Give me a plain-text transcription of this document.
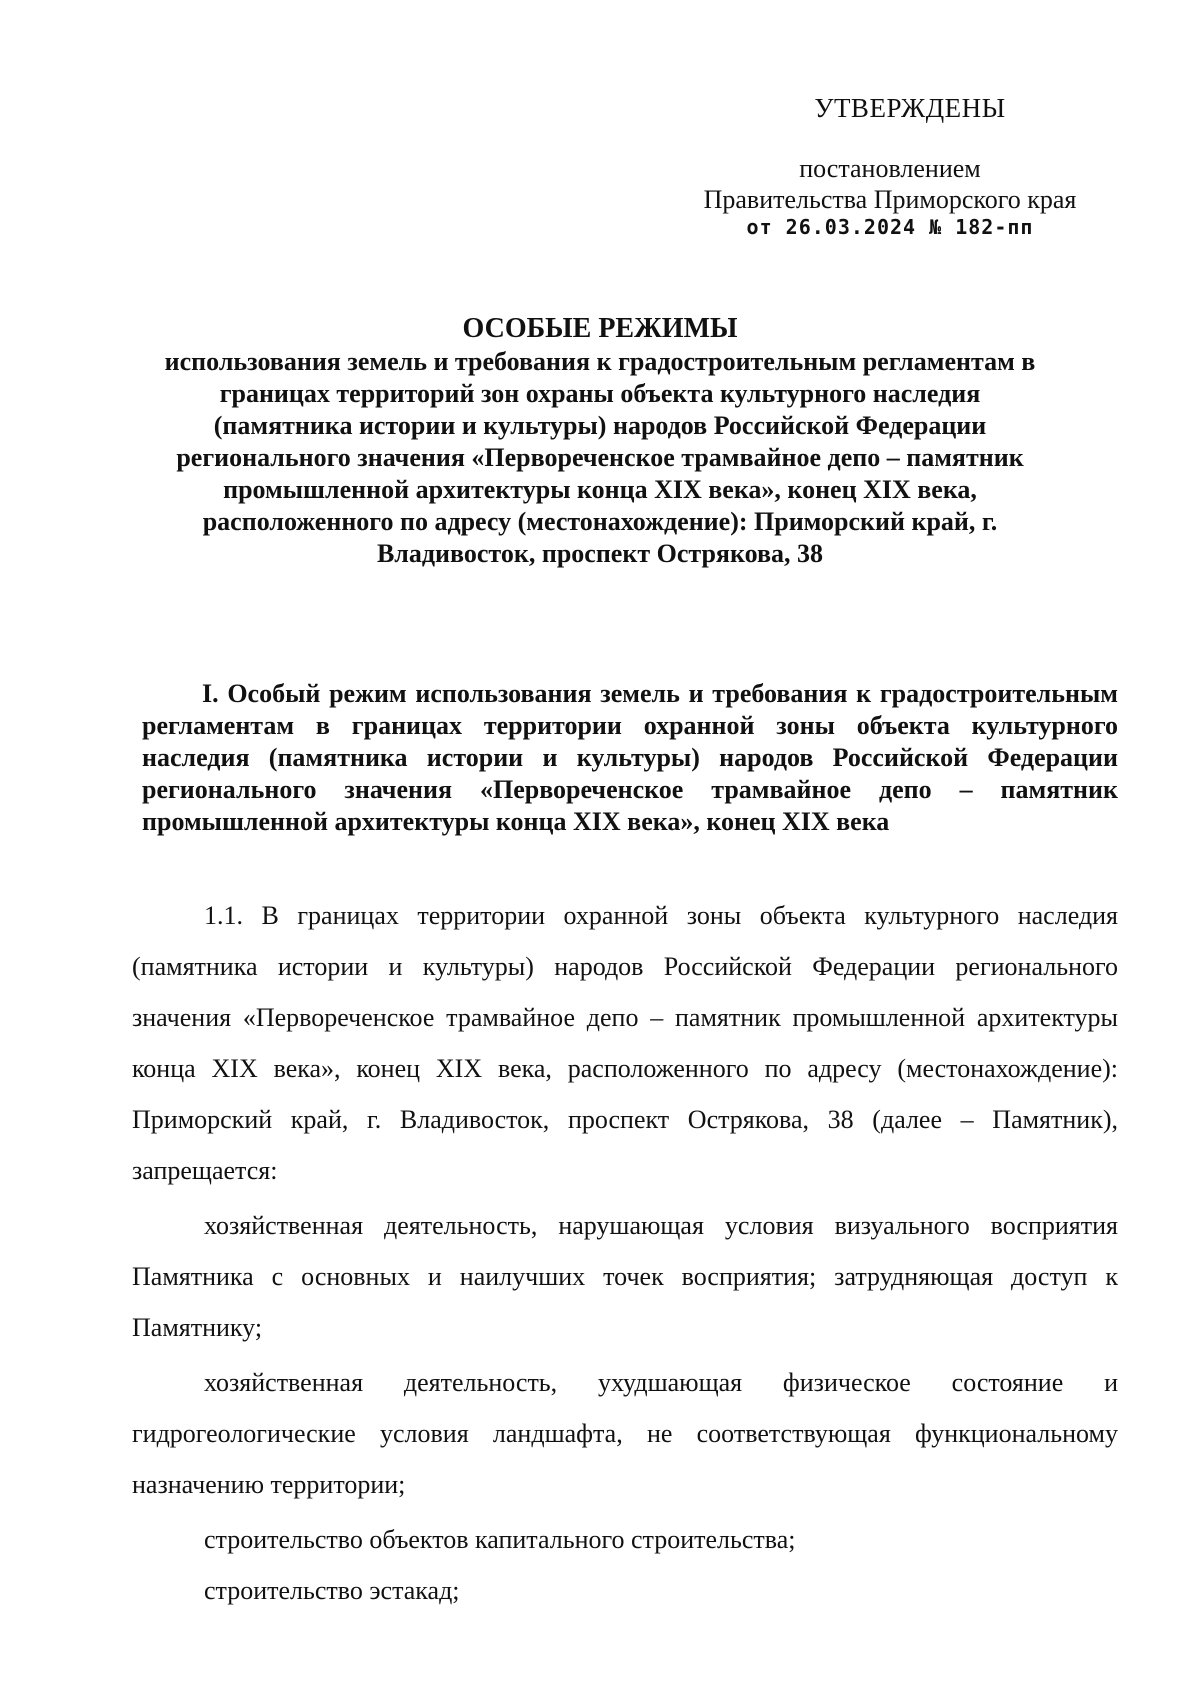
УТВЕРЖДЕНЫ
постановлением
Правительства Приморского края
от 26.03.2024 № 182-пп
ОСОБЫЕ РЕЖИМЫ
использования земель и требования к градостроительным регламентам в границах территорий зон охраны объекта культурного наследия (памятника истории и культуры) народов Российской Федерации регионального значения «Первореченское трамвайное депо – памятник промышленной архитектуры конца XIX века», конец XIX века, расположенного по адресу (местонахождение): Приморский край, г. Владивосток, проспект Острякова, 38
I. Особый режим использования земель и требования к градостроительным регламентам в границах территории охранной зоны объекта культурного наследия (памятника истории и культуры) народов Российской Федерации регионального значения «Первореченское трамвайное депо – памятник промышленной архитектуры конца XIX века», конец XIX века

1.1. В границах территории охранной зоны объекта культурного наследия (памятника истории и культуры) народов Российской Федерации регионального значения «Первореченское трамвайное депо – памятник промышленной архитектуры конца XIX века», конец XIX века, расположенного по адресу (местонахождение): Приморский край, г. Владивосток, проспект Острякова, 38 (далее – Памятник), запрещается:

хозяйственная деятельность, нарушающая условия визуального восприятия Памятника с основных и наилучших точек восприятия; затрудняющая доступ к Памятнику;

хозяйственная деятельность, ухудшающая физическое состояние и гидрогеологические условия ландшафта, не соответствующая функциональному назначению территории;

строительство объектов капитального строительства;

строительство эстакад;
